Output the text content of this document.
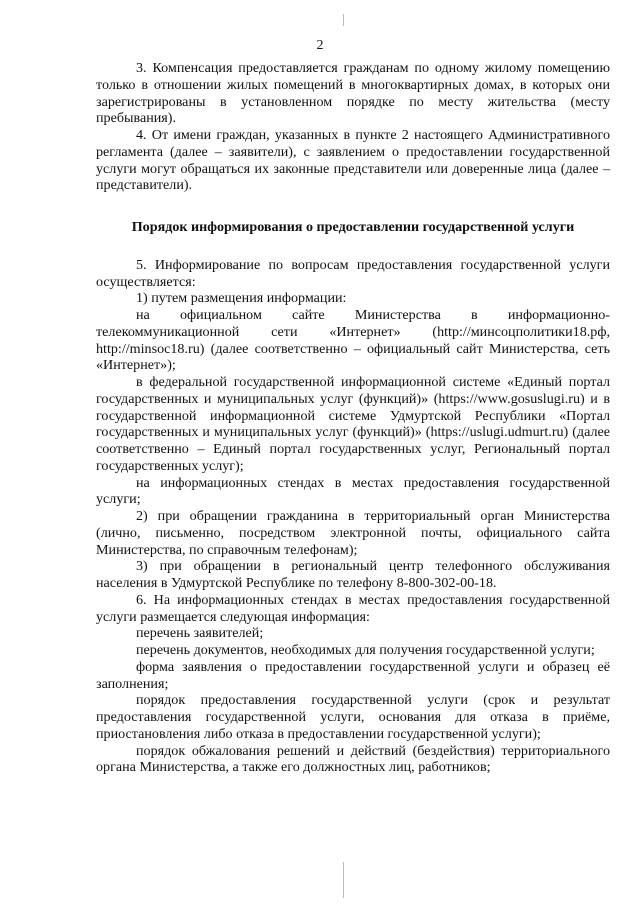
2

3. Компенсация предоставляется гражданам по одному жилому помещению только в отношении жилых помещений в многоквартирных домах, в которых они зарегистрированы в установленном порядке по месту жительства (месту пребывания).

4. От имени граждан, указанных в пункте 2 настоящего Административного регламента (далее – заявители), с заявлением о предоставлении государственной услуги могут обращаться их законные представители или доверенные лица (далее – представители).

Порядок информирования о предоставлении государственной услуги

5. Информирование по вопросам предоставления государственной услуги осуществляется:

1) путем размещения информации:

на официальном сайте Министерства в информационно-телекоммуникационной сети «Интернет» (http://минсоцполитики18.рф, http://minsoc18.ru) (далее соответственно – официальный сайт Министерства, сеть «Интернет»);

в федеральной государственной информационной системе «Единый портал государственных и муниципальных услуг (функций)» (https://www.gosuslugi.ru) и в государственной информационной системе Удмуртской Республики «Портал государственных и муниципальных услуг (функций)» (https://uslugi.udmurt.ru) (далее соответственно – Единый портал государственных услуг, Региональный портал государственных услуг);

на информационных стендах в местах предоставления государственной услуги;

2) при обращении гражданина в территориальный орган Министерства (лично, письменно, посредством электронной почты, официального сайта Министерства, по справочным телефонам);

3) при обращении в региональный центр телефонного обслуживания населения в Удмуртской Республике по телефону 8-800-302-00-18.

6. На информационных стендах в местах предоставления государственной услуги размещается следующая информация:

перечень заявителей;

перечень документов, необходимых для получения государственной услуги;

форма заявления о предоставлении государственной услуги и образец её заполнения;

порядок предоставления государственной услуги (срок и результат предоставления государственной услуги, основания для отказа в приёме, приостановления либо отказа в предоставлении государственной услуги);

порядок обжалования решений и действий (бездействия) территориального органа Министерства, а также его должностных лиц, работников;
